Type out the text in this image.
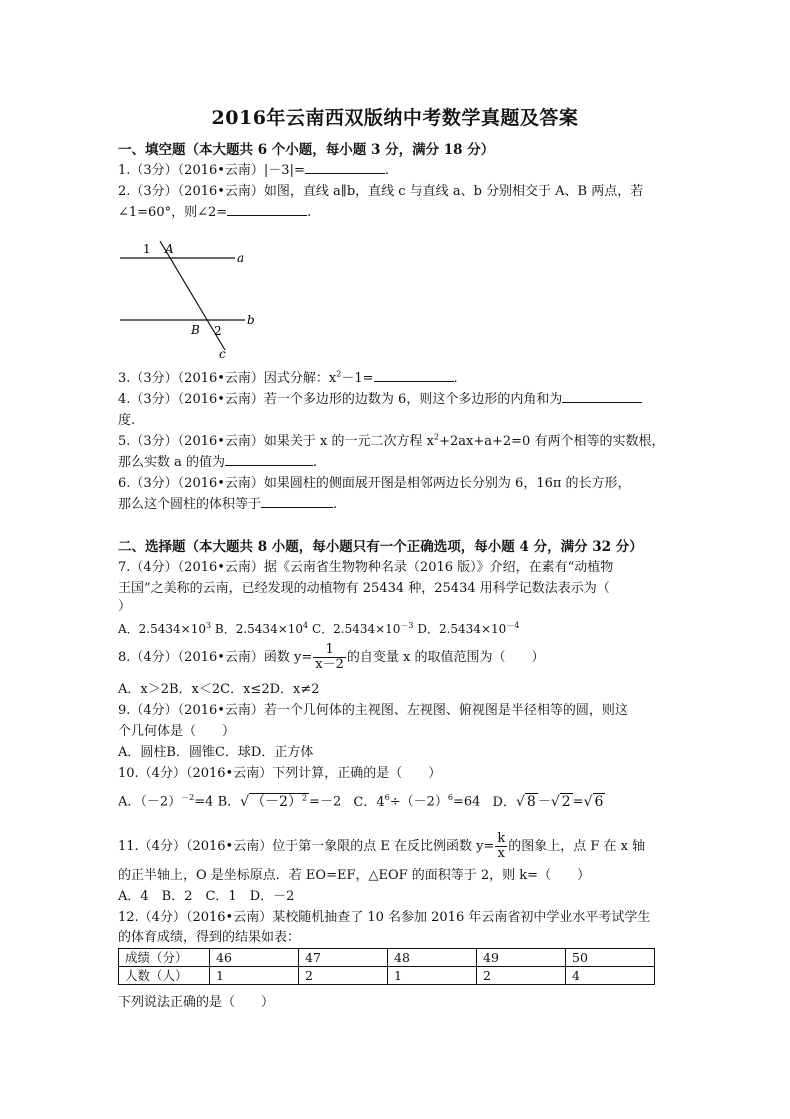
2016年云南西双版纳中考数学真题及答案
一、填空题（本大题共 6 个小题，每小题 3 分，满分 18 分）
1.（3分）（2016•云南）|－3|=	.
2.（3分）（2016•云南）如图，直线 a∥b，直线 c 与直线 a、b 分别相交于 A、B 两点，若
∠1=60°，则∠2=	.
1 A
a
B 2
b
c
3.（3分）（2016•云南）因式分解：$x^2-1=$	.
4.（3分）（2016•云南）若一个多边形的边数为 6，则这个多边形的内角和为
度.
5.（3分）（2016•云南）如果关于 x 的一元二次方程 $x^2+2ax+a+2=0$ 有两个相等的实数根，
那么实数 a 的值为	.
6.（3分）（2016•云南）如果圆柱的侧面展开图是相邻两边长分别为 6，16π 的长方形，
那么这个圆柱的体积等于	.
二、选择题（本大题共 8 小题，每小题只有一个正确选项，每小题 4 分，满分 32 分）
7.（4分）（2016•云南）据《云南省生物物种名录（2016 版）》介绍，在素有“动植物
王国”之美称的云南，已经发现的动植物有 25434 种，25434 用科学记数法表示为（
）
A．$2.5434\times 10^3$ B．$2.5434\times 10^4$ C．$2.5434\times 10^{-3}$ D．$2.5434\times 10^{-4}$
8.（4分）（2016•云南）函数 $y= \frac{1}{x-2}$ 的自变量 x 的取值范围为（　　）
A．x＞2B．x＜2C．x≤2D．x≠2
9.（4分）（2016•云南）若一个几何体的主视图、左视图、俯视图是半径相等的圆，则这
个几何体是（　　）
A．圆柱B．圆锥C．球D．正方体
10.（4分）（2016•云南）下列计算，正确的是（　　）
A．$(-2)^{-2}=4$ B．√ $(-2)^2 =-2$ C．$4^6\div(-2)^6=64$ D．√ 8 －√ 2 =√ 6
11.（4分）（2016•云南）位于第一象限的点 E 在反比例函数 $y= \frac{k}{x}$ 的图象上，点 F 在 x 轴
的正半轴上，O 是坐标原点．若 EO=EF，△EOF 的面积等于 2，则 k=（　　）
A．4　B．2　C．1　D．－2
12.（4分）（2016•云南）某校随机抽查了 10 名参加 2016 年云南省初中学业水平考试学生
的体育成绩，得到的结果如表：
成绩（分）	46	47	48	49	50
人数（人）	1	2	1	2	4
下列说法正确的是（　　）
